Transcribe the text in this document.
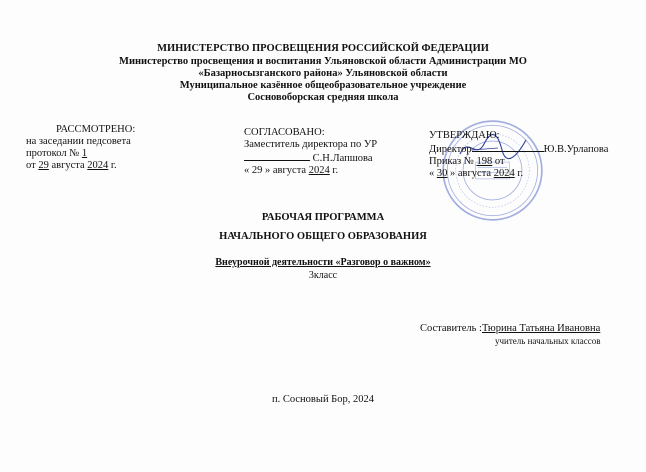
МИНИСТЕРСТВО ПРОСВЕЩЕНИЯ РОССИЙСКОЙ ФЕДЕРАЦИИ
Министерство просвещения и воспитания Ульяновской области Администрации МО
«Базарносызганского района» Ульяновской области
Муниципальное казённое общеобразовательное учреждение
Сосновоборская средняя школа
РАССМОТРЕНО:
на заседании педсовета
протокол № 1
от 29 августа 2024 г.
СОГЛАСОВАНО:
Заместитель директора по УР
С.Н.Лапшова
« 29 » августа 2024 г.
УТВЕРЖДАЮ:
Директор	Ю.В.Урлапова
Приказ № 198 от
« 30 » августа 2024 г.
РАБОЧАЯ ПРОГРАММА
НАЧАЛЬНОГО ОБЩЕГО ОБРАЗОВАНИЯ
Внеурочной деятельности «Разговор о важном»
3класс
Составитель :Тюрина Татьяна Ивановна
учитель начальных классов
п. Сосновый Бор, 2024
